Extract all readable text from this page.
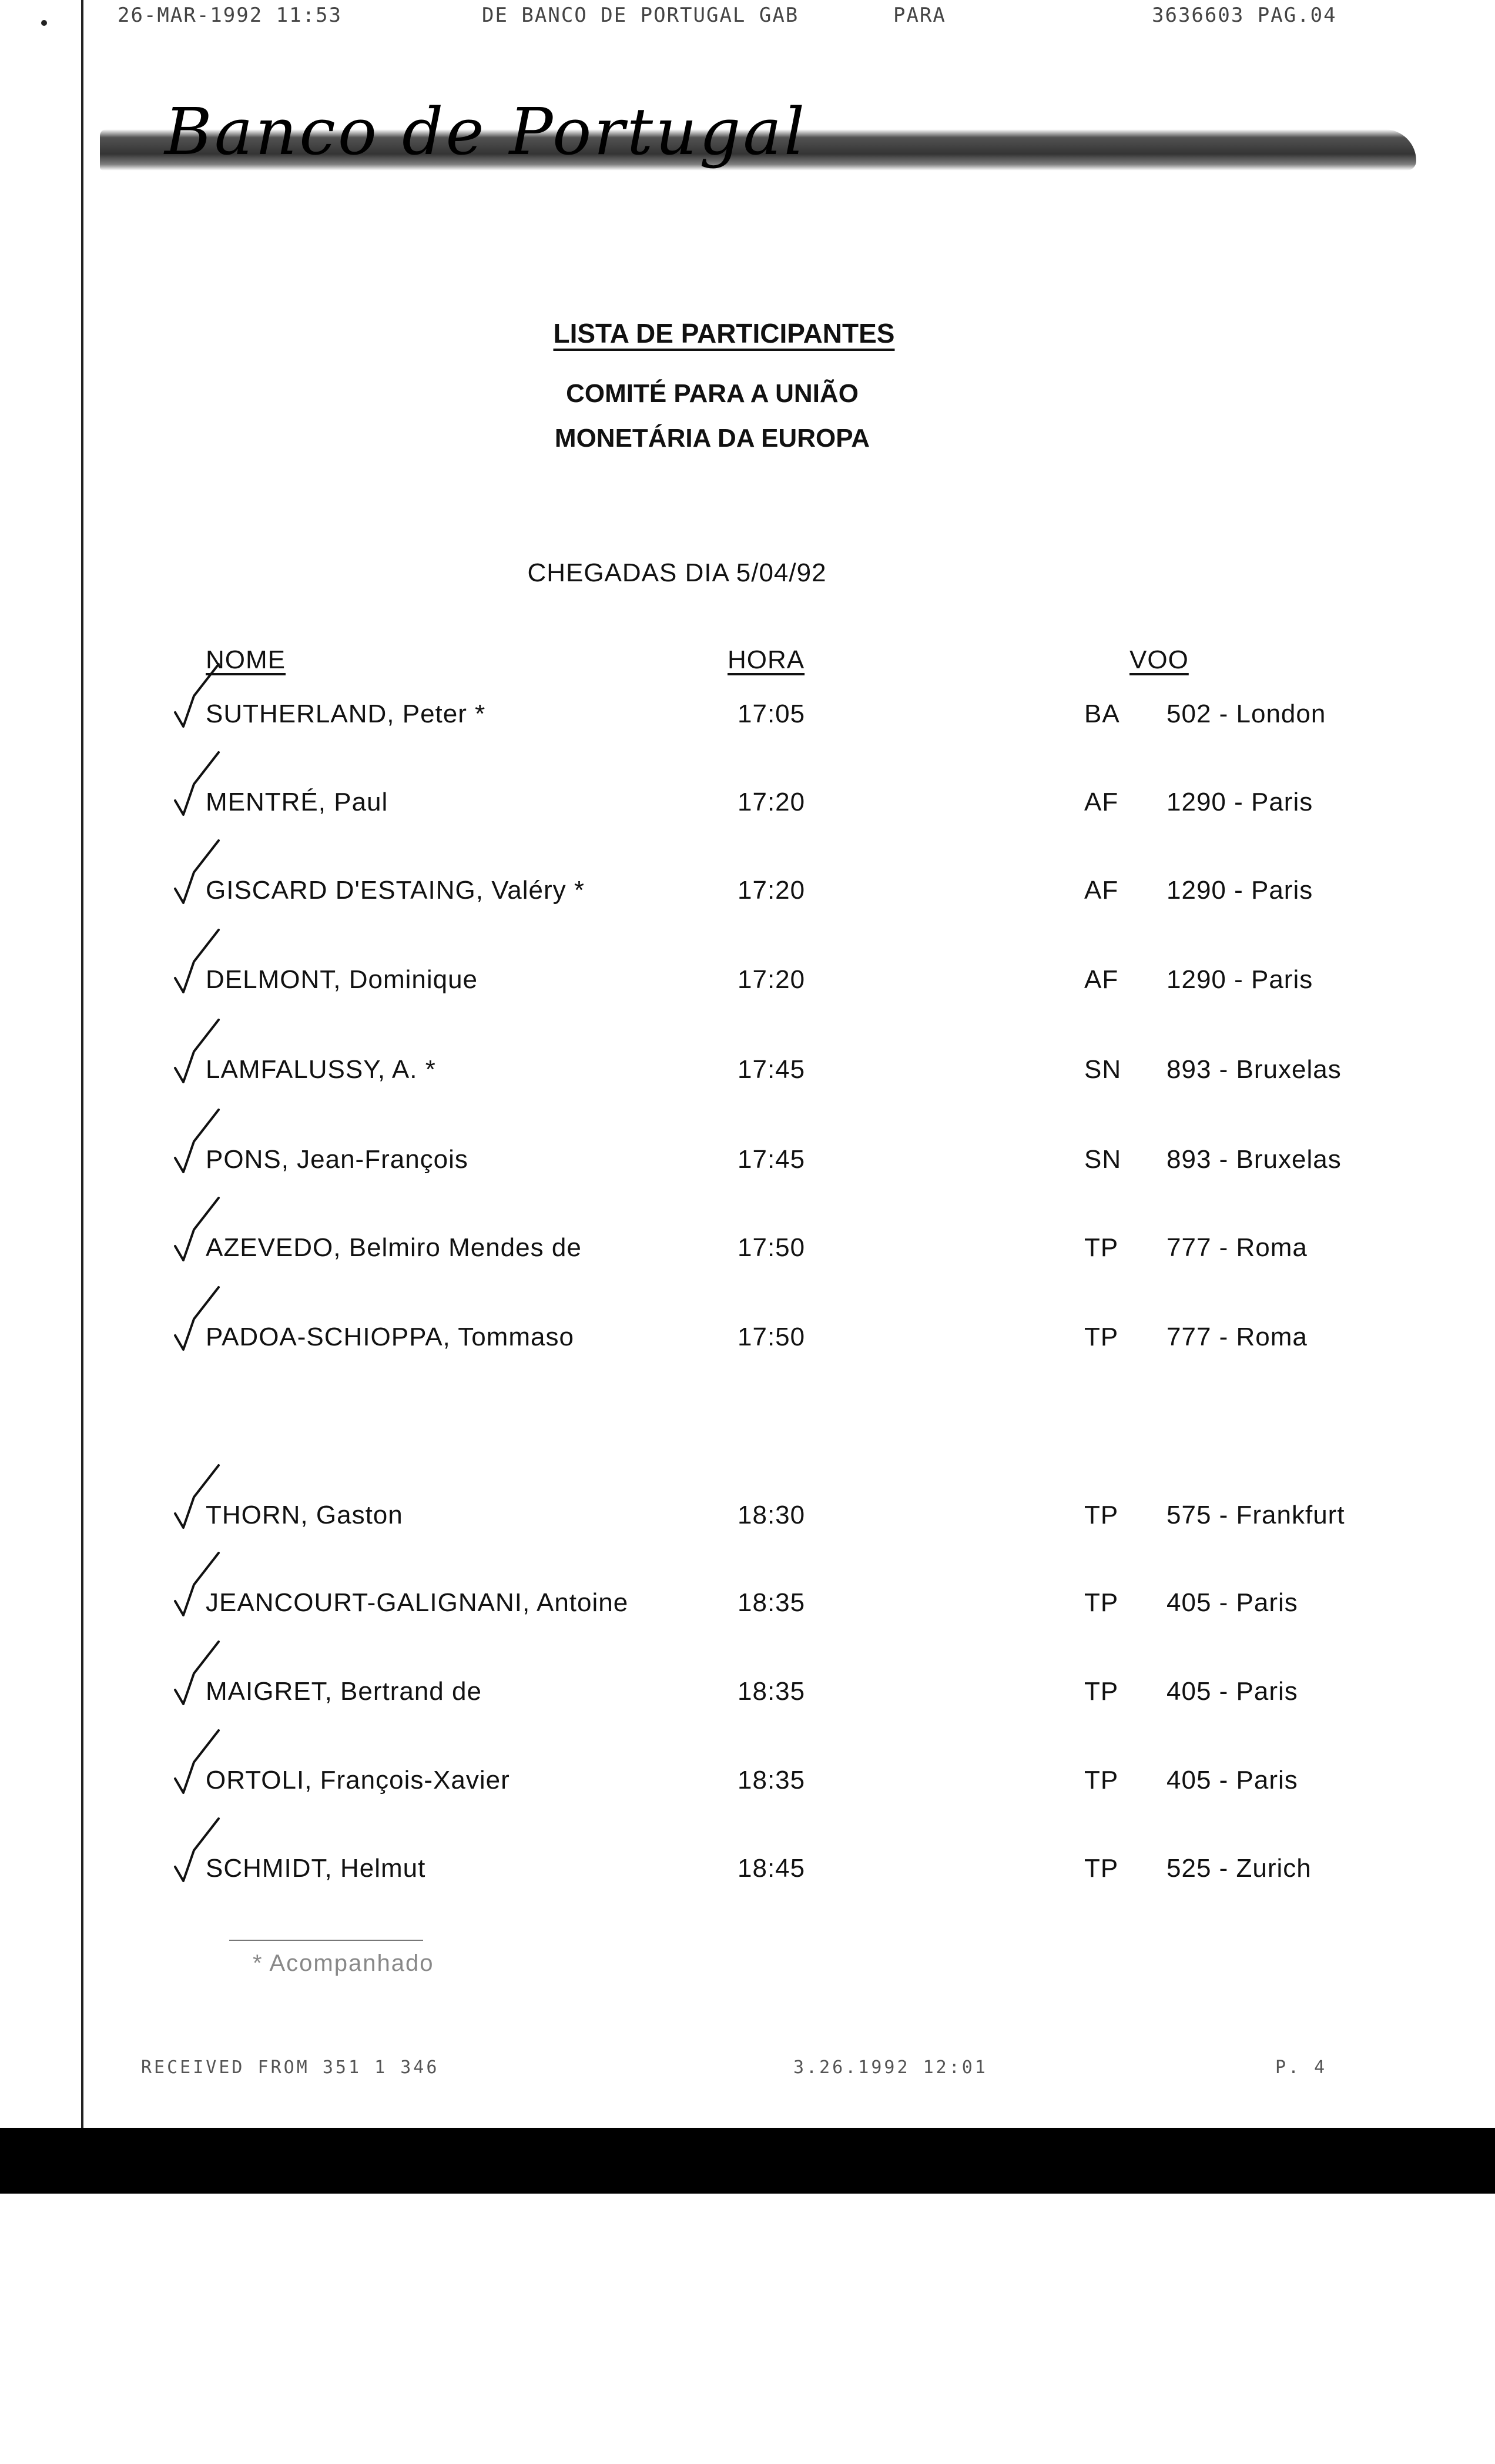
26-MAR-1992 11:53	DE BANCO DE PORTUGAL GAB	PARA	3636603 PAG.04
Banco de Portugal
LISTA DE PARTICIPANTES
COMITÉ PARA A UNIÃO
MONETÁRIA DA EUROPA
CHEGADAS DIA 5/04/92
NOME	HORA	VOO
SUTHERLAND, Peter *	17:05	BA 502 - London
MENTRÉ, Paul	17:20	AF 1290 - Paris
GISCARD D'ESTAING, Valéry *	17:20	AF 1290 - Paris
DELMONT, Dominique	17:20	AF 1290 - Paris
LAMFALUSSY, A. *	17:45	SN 893 - Bruxelas
PONS, Jean-François	17:45	SN 893 - Bruxelas
AZEVEDO, Belmiro Mendes de	17:50	TP 777 - Roma
PADOA-SCHIOPPA, Tommaso	17:50	TP 777 - Roma
THORN, Gaston	18:30	TP 575 - Frankfurt
JEANCOURT-GALIGNANI, Antoine	18:35	TP 405 - Paris
MAIGRET, Bertrand de	18:35	TP 405 - Paris
ORTOLI, François-Xavier	18:35	TP 405 - Paris
SCHMIDT, Helmut	18:45	TP 525 - Zurich
* Acompanhado
RECEIVED FROM 351 1 346	3.26.1992 12:01	P. 4
